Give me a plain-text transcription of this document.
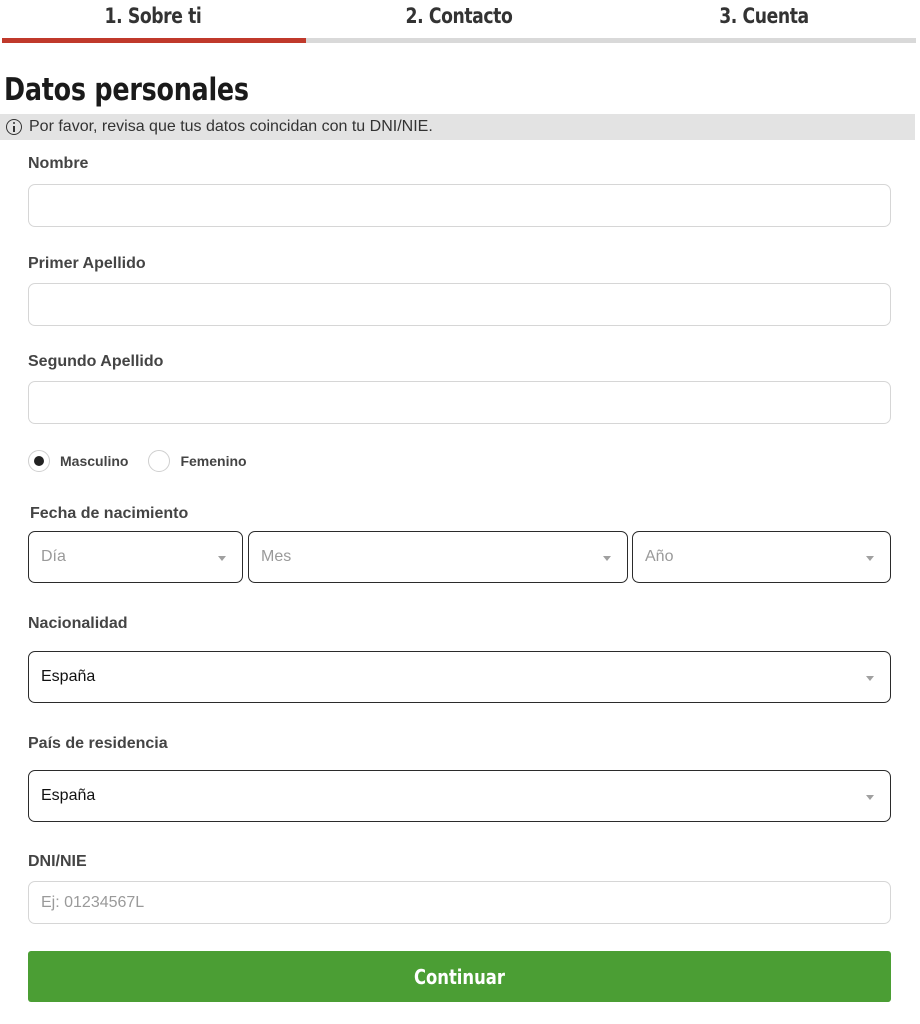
1. Sobre ti	2. Contacto	3. Cuenta
Datos personales
Por favor, revisa que tus datos coincidan con tu DNI/NIE.
Nombre
Primer Apellido
Segundo Apellido
Masculino	Femenino
Fecha de nacimiento
Día	Mes	Año
Nacionalidad
España
País de residencia
España
DNI/NIE
Ej: 01234567L
Continuar
